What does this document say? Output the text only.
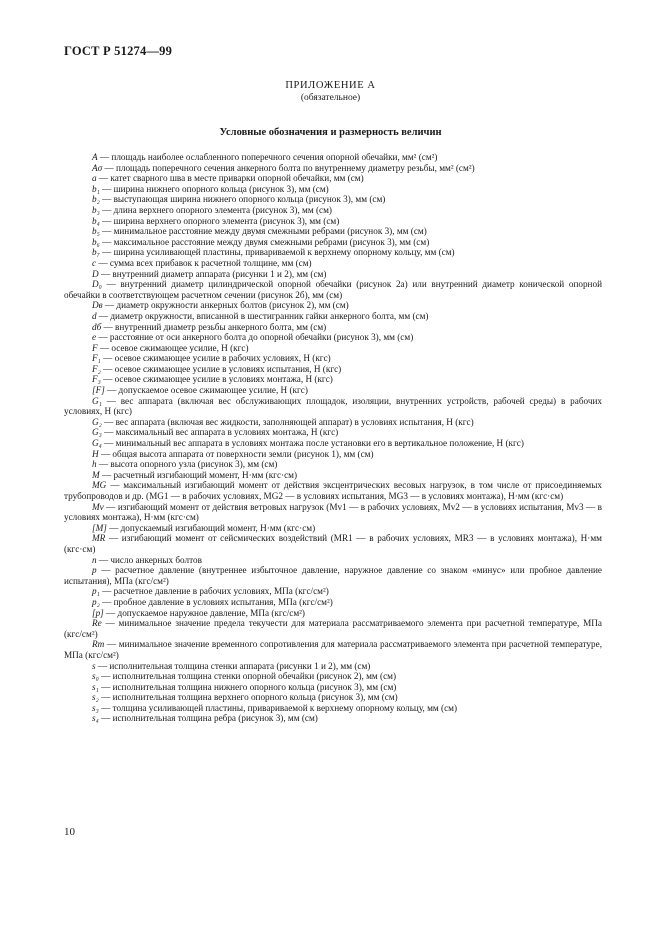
ГОСТ Р 51274—99
ПРИЛОЖЕНИЕ А
(обязательное)
Условные обозначения и размерность величин

A — площадь наиболее ослабленного поперечного сечения опорной обечайки, мм² (см²)

Aσ — площадь поперечного сечения анкерного болта по внутреннему диаметру резьбы, мм² (см²)

a — катет сварного шва в месте приварки опорной обечайки, мм (см)

b₁ — ширина нижнего опорного кольца (рисунок 3), мм (см)

b₂ — выступающая ширина нижнего опорного кольца (рисунок 3), мм (см)

b₃ — длина верхнего опорного элемента (рисунок 3), мм (см)

b₄ — ширина верхнего опорного элемента (рисунок 3), мм (см)

b₅ — минимальное расстояние между двумя смежными ребрами (рисунок 3), мм (см)

b₆ — максимальное расстояние между двумя смежными ребрами (рисунок 3), мм (см)

b₇ — ширина усиливающей пластины, привариваемой к верхнему опорному кольцу, мм (см)

c — сумма всех прибавок к расчетной толщине, мм (см)

D — внутренний диаметр аппарата (рисунки 1 и 2), мм (см)

D₀ — внутренний диаметр цилиндрической опорной обечайки (рисунок 2а) или внутренний диаметр конической опорной обечайки в соответствующем расчетном сечении (рисунок 2б), мм (см)

Dв — диаметр окружности анкерных болтов (рисунок 2), мм (см)

d — диаметр окружности, вписанной в шестигранник гайки анкерного болта, мм (см)

dб — внутренний диаметр резьбы анкерного болта, мм (см)

e — расстояние от оси анкерного болта до опорной обечайки (рисунок 3), мм (см)

F — осевое сжимающее усилие, Н (кгс)

F₁ — осевое сжимающее усилие в рабочих условиях, Н (кгс)

F₂ — осевое сжимающее усилие в условиях испытания, Н (кгс)

F₃ — осевое сжимающее усилие в условиях монтажа, Н (кгс)

[F] — допускаемое осевое сжимающее усилие, Н (кгс)

G₁ — вес аппарата (включая вес обслуживающих площадок, изоляции, внутренних устройств, рабочей среды) в рабочих условиях, Н (кгс)

G₂ — вес аппарата (включая вес жидкости, заполняющей аппарат) в условиях испытания, Н (кгс)

G₃ — максимальный вес аппарата в условиях монтажа, Н (кгс)

G₄ — минимальный вес аппарата в условиях монтажа после установки его в вертикальное положение, Н (кгс)

H — общая высота аппарата от поверхности земли (рисунок 1), мм (см)

h — высота опорного узла (рисунок 3), мм (см)

M — расчетный изгибающий момент, Н·мм (кгс·см)

MG — максимальный изгибающий момент от действия эксцентрических весовых нагрузок, в том числе от присоединяемых трубопроводов и др. (MG1 — в рабочих условиях, MG2 — в условиях испытания, MG3 — в условиях монтажа), Н·мм (кгс·см)

Mv — изгибающий момент от действия ветровых нагрузок (Mv1 — в рабочих условиях, Mv2 — в условиях испытания, Mv3 — в условиях монтажа), Н·мм (кгс·см)

[M] — допускаемый изгибающий момент, Н·мм (кгс·см)

MR — изгибающий момент от сейсмических воздействий (MR1 — в рабочих условиях, MR3 — в условиях монтажа), Н·мм (кгс·см)

n — число анкерных болтов

p — расчетное давление (внутреннее избыточное давление, наружное давление со знаком «минус» или пробное давление испытания), МПа (кгс/см²)

p₁ — расчетное давление в рабочих условиях, МПа (кгс/см²)

p₂ — пробное давление в условиях испытания, МПа (кгс/см²)

[p] — допускаемое наружное давление, МПа (кгс/см²)

Re — минимальное значение предела текучести для материала рассматриваемого элемента при расчетной температуре, МПа (кгс/см²)

Rm — минимальное значение временного сопротивления для материала рассматриваемого элемента при расчетной температуре, МПа (кгс/см²)

s — исполнительная толщина стенки аппарата (рисунки 1 и 2), мм (см)

s₀ — исполнительная толщина стенки опорной обечайки (рисунок 2), мм (см)

s₁ — исполнительная толщина нижнего опорного кольца (рисунок 3), мм (см)

s₂ — исполнительная толщина верхнего опорного кольца (рисунок 3), мм (см)

s₃ — толщина усиливающей пластины, привариваемой к верхнему опорному кольцу, мм (см)

s₄ — исполнительная толщина ребра (рисунок 3), мм (см)

10
